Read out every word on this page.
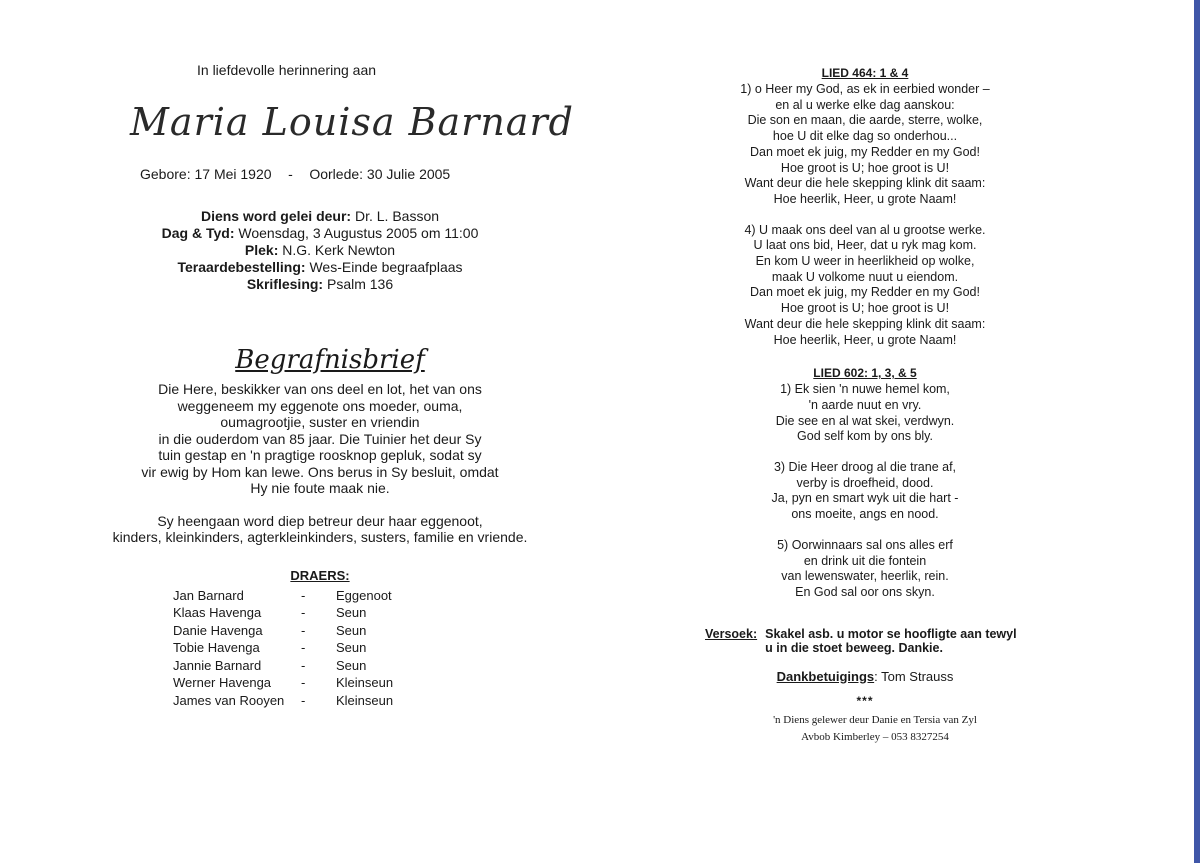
In liefdevolle herinnering aan
Maria Louisa Barnard
Gebore: 17 Mei 1920 - Oorlede: 30 Julie 2005
Diens word gelei deur: Dr. L. Basson
Dag & Tyd: Woensdag, 3 Augustus 2005 om 11:00
Plek: N.G. Kerk Newton
Teraardebestelling: Wes-Einde begraafplaas
Skriflesing: Psalm 136
Begrafnisbrief
Die Here, beskikker van ons deel en lot, het van ons
weggeneem my eggenote ons moeder, ouma,
oumagrootjie, suster en vriendin
in die ouderdom van 85 jaar. Die Tuinier het deur Sy
tuin gestap en 'n pragtige roosknop gepluk, sodat sy
vir ewig by Hom kan lewe. Ons berus in Sy besluit, omdat
Hy nie foute maak nie.
Sy heengaan word diep betreur deur haar eggenoot,
kinders, kleinkinders, agterkleinkinders, susters, familie en vriende.
DRAERS:
Jan Barnard	-	Eggenoot
Klaas Havenga	-	Seun
Danie Havenga	-	Seun
Tobie Havenga	-	Seun
Jannie Barnard	-	Seun
Werner Havenga	-	Kleinseun
James van Rooyen	-	Kleinseun
LIED 464: 1 & 4
1) o Heer my God, as ek in eerbied wonder –
en al u werke elke dag aanskou:
Die son en maan, die aarde, sterre, wolke,
hoe U dit elke dag so onderhou...
Dan moet ek juig, my Redder en my God!
Hoe groot is U; hoe groot is U!
Want deur die hele skepping klink dit saam:
Hoe heerlik, Heer, u grote Naam!
4) U maak ons deel van al u grootse werke.
U laat ons bid, Heer, dat u ryk mag kom.
En kom U weer in heerlikheid op wolke,
maak U volkome nuut u eiendom.
Dan moet ek juig, my Redder en my God!
Hoe groot is U; hoe groot is U!
Want deur die hele skepping klink dit saam:
Hoe heerlik, Heer, u grote Naam!
LIED 602: 1, 3, & 5
1) Ek sien 'n nuwe hemel kom,
'n aarde nuut en vry.
Die see en al wat skei, verdwyn.
God self kom by ons bly.
3) Die Heer droog al die trane af,
verby is droefheid, dood.
Ja, pyn en smart wyk uit die hart -
ons moeite, angs en nood.
5) Oorwinnaars sal ons alles erf
en drink uit die fontein
van lewenswater, heerlik, rein.
En God sal oor ons skyn.
Versoek: Skakel asb. u motor se hoofligte aan tewyl
u in die stoet beweeg. Dankie.
Dankbetuigings: Tom Strauss
***
'n Diens gelewer deur Danie en Tersia van Zyl
Avbob Kimberley – 053 8327254
